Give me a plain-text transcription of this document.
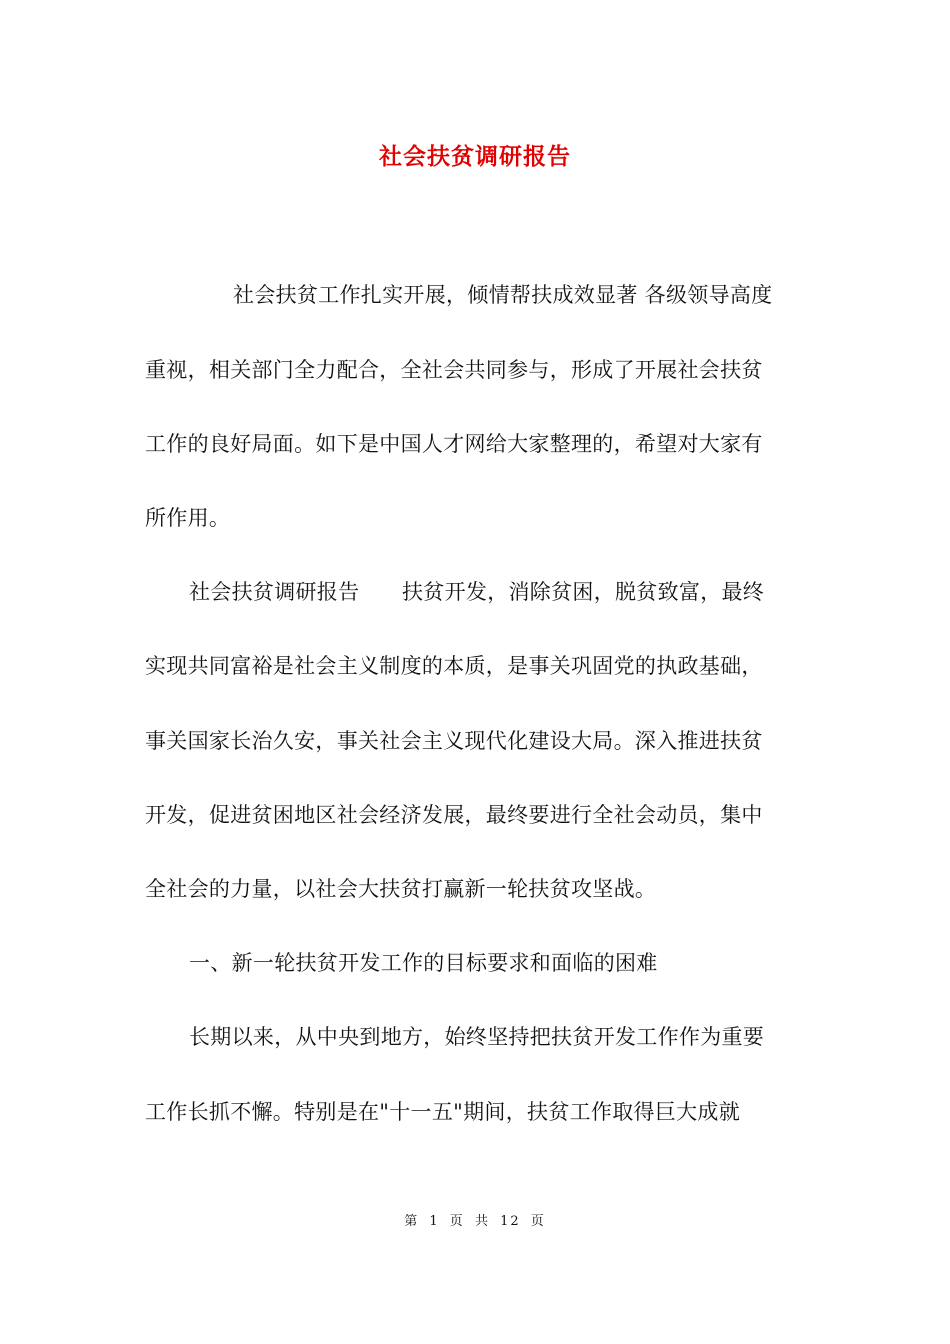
社会扶贫调研报告
社会扶贫工作扎实开展，倾情帮扶成效显著 各级领导高度
重视，相关部门全力配合，全社会共同参与，形成了开展社会扶贫
工作的良好局面。如下是中国人才网给大家整理的，希望对大家有
所作用。
社会扶贫调研报告　　扶贫开发，消除贫困，脱贫致富，最终
实现共同富裕是社会主义制度的本质，是事关巩固党的执政基础，
事关国家长治久安，事关社会主义现代化建设大局。深入推进扶贫
开发，促进贫困地区社会经济发展，最终要进行全社会动员，集中
全社会的力量，以社会大扶贫打赢新一轮扶贫攻坚战。
一、新一轮扶贫开发工作的目标要求和面临的困难
长期以来，从中央到地方，始终坚持把扶贫开发工作作为重要
工作长抓不懈。特别是在"十一五"期间，扶贫工作取得巨大成就
第 1 页 共 12 页
